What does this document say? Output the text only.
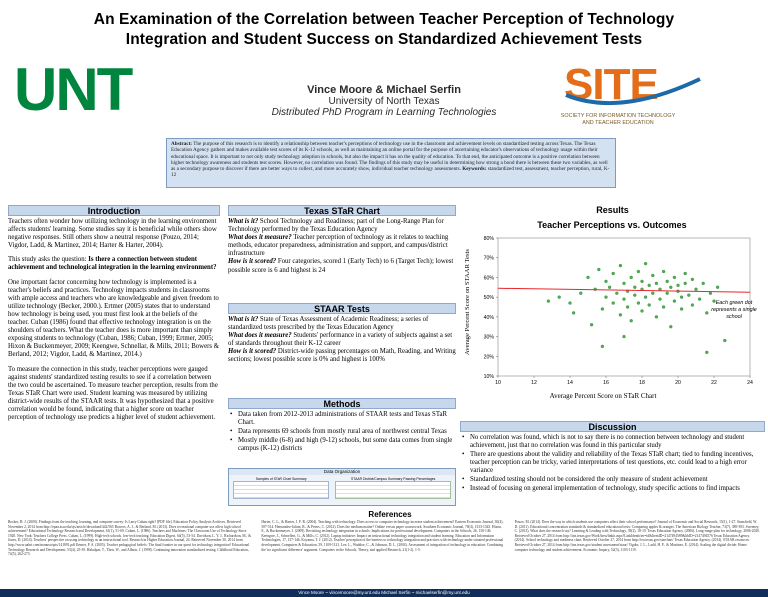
An Examination of the Correlation between Teacher Perception of Technology
Integration and Student Success on Standardized Achievement Tests
UNT	Vince Moore & Michael Serfin
University of North Texas
Distributed PhD Program in Learning Technologies
SITE
SOCIETY FOR INFORMATION TECHNOLOGY
AND TEACHER EDUCATION
Abstract: The purpose of this research is to identify a relationship between teacher's perceptions of technology use in the classroom and achievement levels on standardized testing across Texas. The Texas Education Agency gathers and makes available test scores of its K-12 schools, as well as maintaining an online portal for the purpose of ascertaining educator's observations of technology usage within their educational space. It is important to not only study technology adoption in schools, but also the impact it has on the quality of education. To that end, the anticipated outcome is a positive correlation between higher technology awareness and students test scores. However, no correlation was found. The findings of this study may be useful in determining how strong a bond there is between these two variables, as well as a secondary purpose to discover if there are better ways to collect, and more accurately show, individual teacher technology assessments. Keywords: standardized test, assessment, teacher perception, rural, K-12
Introduction

Teachers often wonder how utilizing technology in the learning environment affects students' learning. Some studies say it is beneficial while others show negative responses. Still others show a neutral response (Pouzo, 2014; Vigdor, Ladd, & Martinez, 2014; Harter & Harter, 2004).

This study asks the question: Is there a connection between student achievement and technological integration in the learning environment?

One important factor concerning how technology is implemented is a teacher's beliefs and practices. Technology impacts students in classrooms with ample access and teachers who are knowledgeable and given freedom to utilize technology (Becker, 2000.). Ertmer (2005) states that to understand how technology is being used, you must first look at the beliefs of the teacher. Cuban (1986) found that effective technology integration is on the shoulders of teachers. What the teacher does is more important than simply exposing students to technology (Cuban, 1986; Cuban, 1999; Ertmer, 2005; Hixon & Buckenmeyer, 2009; Keengwe, Schnellar, & Mills, 2011; Bowers & Berland, 2012; Vigdor, Ladd, & Martinez, 2014.)

To measure the connection in this study, teacher perceptions were gauged against students' standardized testing results to see if a correlation between the two could be ascertained. To measure teacher perception, results from the Texas STaR Chart were used. Student learning was measured by utilizing district-wide results of the STAAR tests. It was hypothesized that a positive correlation would be found, indicating that a higher score on teacher perception of technology use predicts a higher level of student achievement.

Texas STaR Chart
What is it? School Technology and Readiness; part of the Long-Range Plan for Technology performed by the Texas Education Agency
What does it measure? Teacher perception of technology as it relates to teaching methods, educator preparedness, administration and support, and campus/district infrastructure
How is it scored? Four categories, scored 1 (Early Tech) to 6 (Target Tech); lowest possible score is 6 and highest is 24
STAAR Tests
What is it? State of Texas Assessment of Academic Readiness; a series of standardized tests prescribed by the Texas Education Agency
What does it measure? Students' performance in a variety of subjects against a set of standards throughout their K-12 career
How is it scored? District-wide passing percentages on Math, Reading, and Writing sections; lowest possible score is 0% and highest is 100%
Methods
• Data taken from 2012-2013 administrations of STAAR tests and Texas STaR Chart.
• Data represents 69 schools from mostly rural area of northwest central Texas
• Mostly middle (6-8) and high (9-12) schools, but some data comes from single campus (K-12) districts
Data Organization
Samples of STaR Chart Summary	STAAR District/Campus Summary Passing Percentages
Results
Teacher Perceptions vs. Outcomes
Average Percent Score on STAAR Tests
Average Percent Score on STaR Chart
10%
20%
30%
40%
50%
60%
70%
80%
10	12	14	16	18	20	22	24
Each green dot represents a single school
Discussion
• No correlation was found, which is not to say there is no connection between technology and student achievement, just that no correlation was found in this particular study
• There are questions about the validity and reliability of the Texas STaR chart; tied to funding incentives, teacher perception can be tricky, varied interpretations of test questions, etc. could lead to a high error variance
• Standardized testing should not be considered the only measure of student achievement
• Instead of focusing on general implementation of technology, study specific actions to find impacts
References
Becker, H. J. (2000). Findings from the teaching, learning, and computer survey: Is Larry Cuban right? [PDF file]. Education Policy Analysis Archives. Retrieved November 2, 2014 from http://epaa.asu.edu/ojs/article/download/442/565 Bowers, A. J., & Berland, M. (2013). Does recreational computer use affect high school achievement? Educational Technology Research and Development, 61(1), 51-69. Cuban, L. (1986). Teachers and Machines: The Classroom Use of Technology Since 1920. New York: Teachers College Press. Cuban, L. (1999). High-tech schools, low-tech teaching. Education Digest, 64(5), 53-54. Davidson, L. Y. J., Richardson, M., & Jones, D. (2014). Teachers' perspective on using technology as an instructional tool. Research in Higher Education Journal, 24. Retrieved November 30, 2014 from http://www.aabri.com/manuscripts/141891.pdf Ertmer, P. A. (2005). Teacher pedagogical beliefs: The final frontier in our quest for technology integration? Educational Technology Research and Development, 53(4), 25-39. Hakulpar, T., Then, W., and Albion, J. (1998). Continuing innovation standardized testing. Childhood Education, 74(5), 262-273.
Harter, C. L., & Harter, J. F. R. (2004). Teaching with technology: Does access to computer technology increase student achievement? Eastern Economic Journal, 30(4), 507-514. Hernandez-Julian, R., & Peters, C. (2012). Does the medium matter? Online versus paper coursework. Southern Economic Journal, 78(4), 1333-1345. Hixon, E., & Buckenmeyer, J. (2009). Revisiting technology integration in schools: Implications for professional development. Computers in the Schools, 26, 130-146. Keengwe, J., Schnellert, G., & Mills, C. (2012). Laptop initiative: Impact on instructional technology integration and student learning. Education and Information Technologies, 17, 137-146. Koyama, T. J. (2012). Teacher' perception of the barriers to technology integration and practices with technology under situated professional development. Computers & Education, 59, 1109-1121. Lee, L., Waddoe, C., & Johnson, D. L. (2004). Assessment of integration of technology in education: Combining the 'no significant difference' argument. Computers in the Schools, Theory, and applied Research, 21(1-2), 1-5.
Pouzo, M. (2014). Does the way in which students use computers affect their school performance? Journal of Economic and Social Research, 15(1), 1-27. Stansfield, W. D. (2011). Educational concentration standards & standardized educational tests: Comparing apples & oranges. The American Biology Teacher, 73(7), 389-393. Sweeney, C. (2013). What does the research say? Learning & Leading with Technology, 39(2), 18-19. Texas Education Agency. (2006). Long-range plan for technology, 2006-2020. Retrieved October 27, 2014 from http://tea.texas.gov/WorkArea/linkit.aspx?LinkIdentifier=id&ItemID=2147494589&libID=2147494576 Texas Education Agency. (2014). School technology and readiness chart. Retrieved October 27, 2014 from http://tea.texas.gov/starchart/ Texas Education Agency. (2014). STAAR resources. Retrieved October 27, 2014 from http://tea.texas.gov/student.assessment/staar/ Vigdor, J. L., Ladd, H. F., & Martinez, E. (2014). Scaling the digital divide: Home computer technology and student achievement. Economic Inquiry, 52(3), 1103-1119.
Vince Moore ~ vincemoore@my.unt.edu Michael Serfin ~ michaelserfin@my.unt.edu
